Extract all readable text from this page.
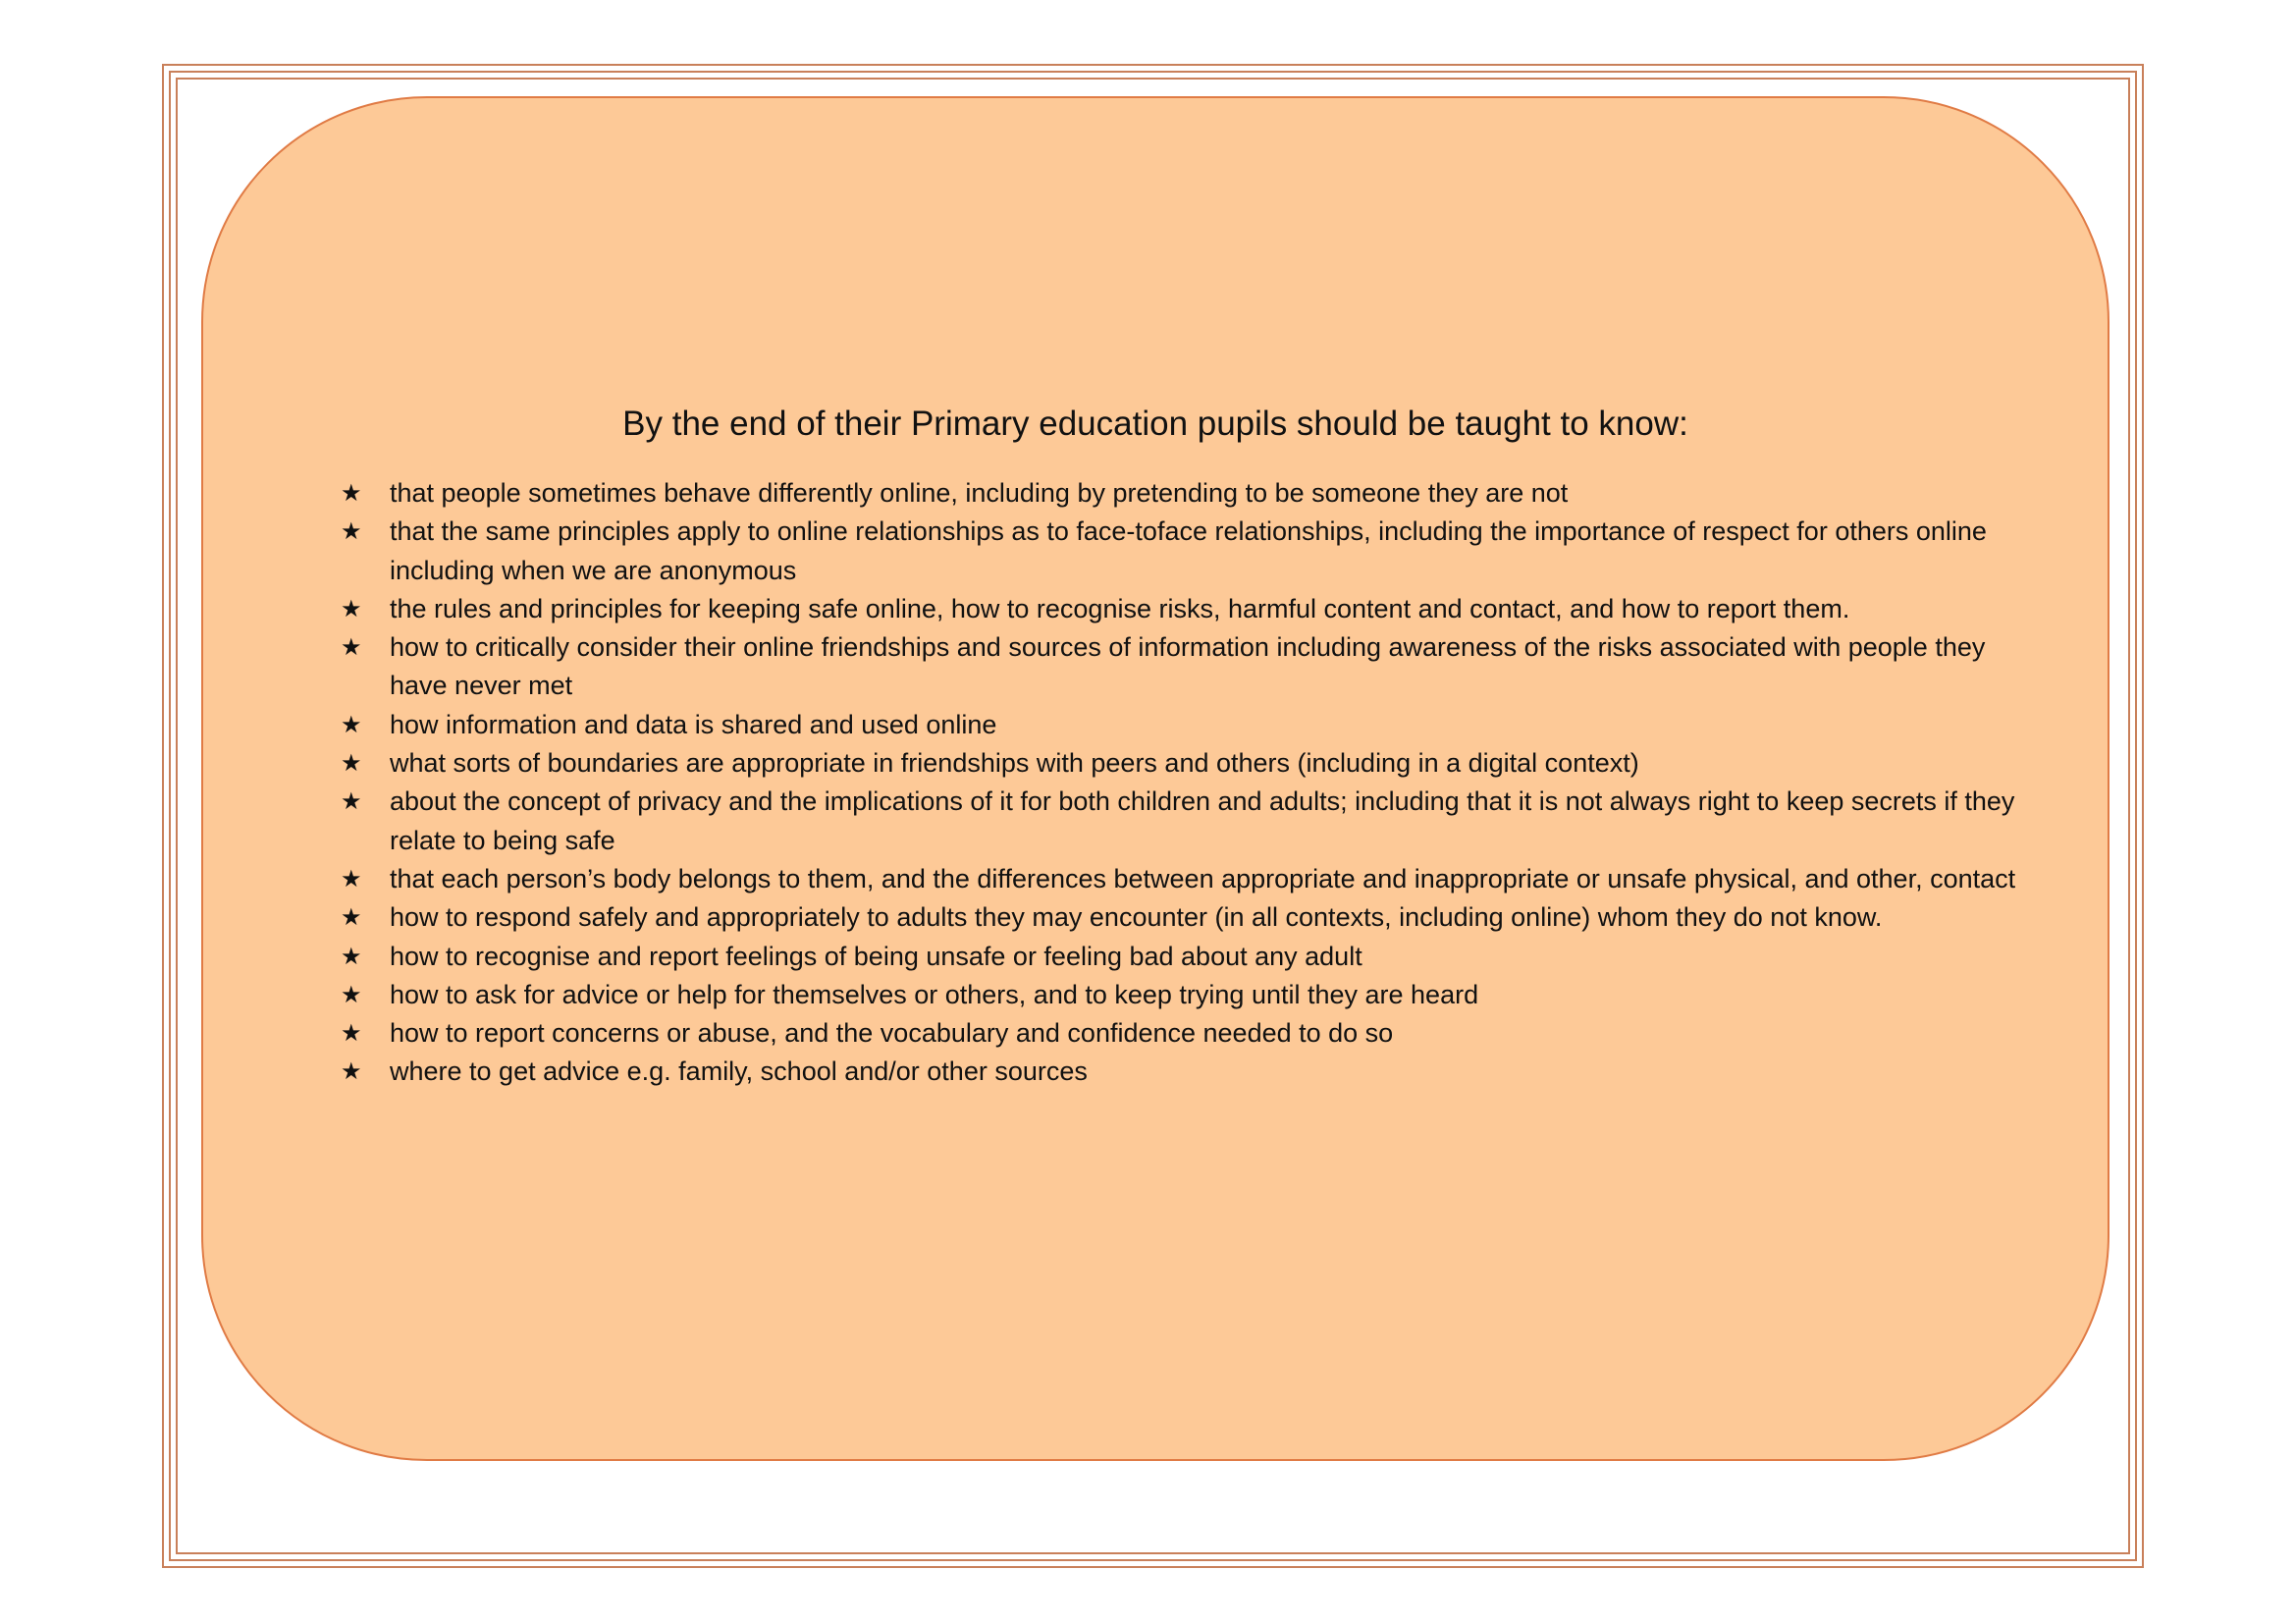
By the end of their Primary education pupils should be taught to know:
★ that people sometimes behave differently online, including by pretending to be someone they are not
★ that the same principles apply to online relationships as to face-toface relationships, including the importance of respect for others online including when we are anonymous
★ the rules and principles for keeping safe online, how to recognise risks, harmful content and contact, and how to report them.
★ how to critically consider their online friendships and sources of information including awareness of the risks associated with people they have never met
★ how information and data is shared and used online
★ what sorts of boundaries are appropriate in friendships with peers and others (including in a digital context)
★ about the concept of privacy and the implications of it for both children and adults; including that it is not always right to keep secrets if they relate to being safe
★ that each person’s body belongs to them, and the differences between appropriate and inappropriate or unsafe physical, and other, contact
★ how to respond safely and appropriately to adults they may encounter (in all contexts, including online) whom they do not know.
★ how to recognise and report feelings of being unsafe or feeling bad about any adult
★ how to ask for advice or help for themselves or others, and to keep trying until they are heard
★ how to report concerns or abuse, and the vocabulary and confidence needed to do so
★ where to get advice e.g. family, school and/or other sources
